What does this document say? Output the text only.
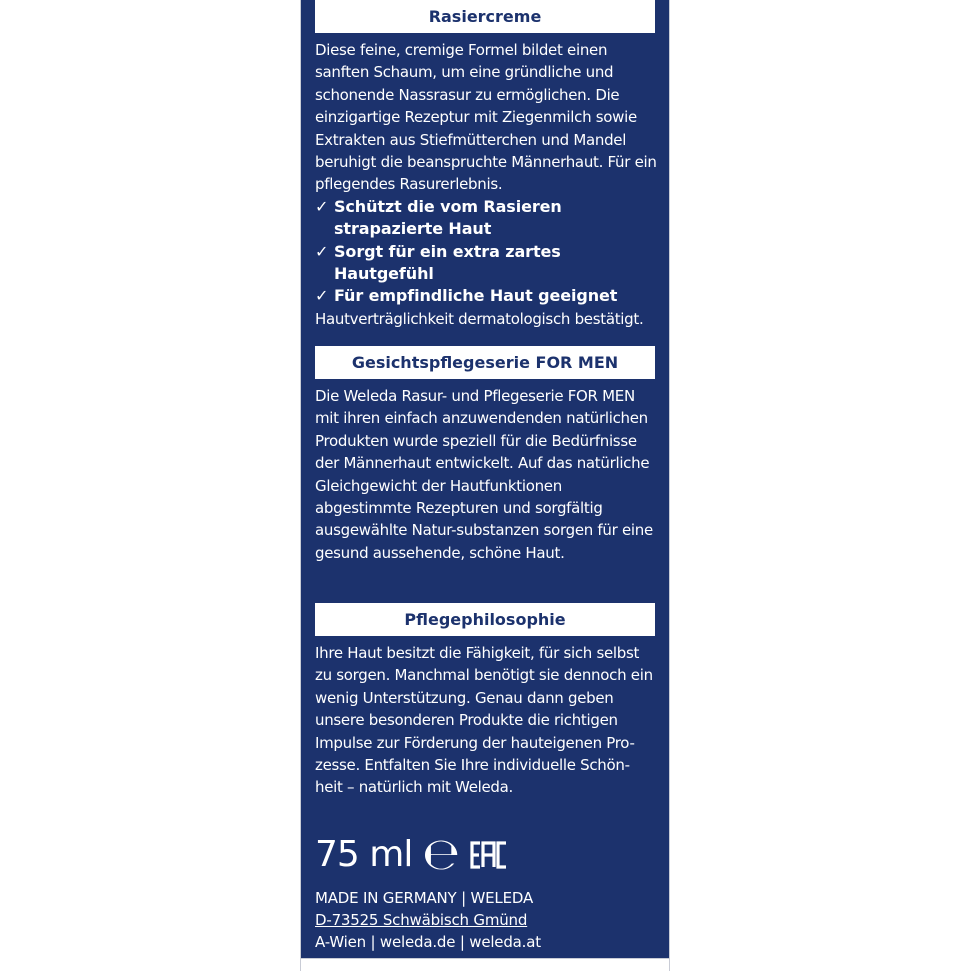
Rasiercreme

Diese feine, cremige Formel bildet einen sanften Schaum, um eine gründliche und schonende Nassrasur zu ermöglichen. Die einzigartige Rezeptur mit Ziegenmilch sowie Extrakten aus Stiefmütterchen und Mandel beruhigt die beanspruchte Männerhaut. Für ein pflegendes Rasurerlebnis.

✓ Schützt die vom Rasieren strapazierte Haut
✓ Sorgt für ein extra zartes Hautgefühl
✓ Für empfindliche Haut geeignet

Hautverträglichkeit dermatologisch bestätigt.

Gesichtspflegeserie FOR MEN

Die Weleda Rasur- und Pflegeserie FOR MEN mit ihren einfach anzuwendenden natürlichen Produkten wurde speziell für die Bedürfnisse der Männerhaut entwickelt. Auf das natürliche Gleichgewicht der Hautfunktionen abgestimmte Rezepturen und sorgfältig ausgewählte Natur-substanzen sorgen für eine gesund aussehende, schöne Haut.

Pflegephilosophie

Ihre Haut besitzt die Fähigkeit, für sich selbst zu sorgen. Manchmal benötigt sie dennoch ein wenig Unterstützung. Genau dann geben unsere besonderen Produkte die richtigen Impulse zur Förderung der hauteigenen Pro-zesse. Entfalten Sie Ihre individuelle Schön-heit – natürlich mit Weleda.

75 ml ℮
MADE IN GERMANY | WELEDA
D-73525 Schwäbisch Gmünd
A-Wien | weleda.de | weleda.at
